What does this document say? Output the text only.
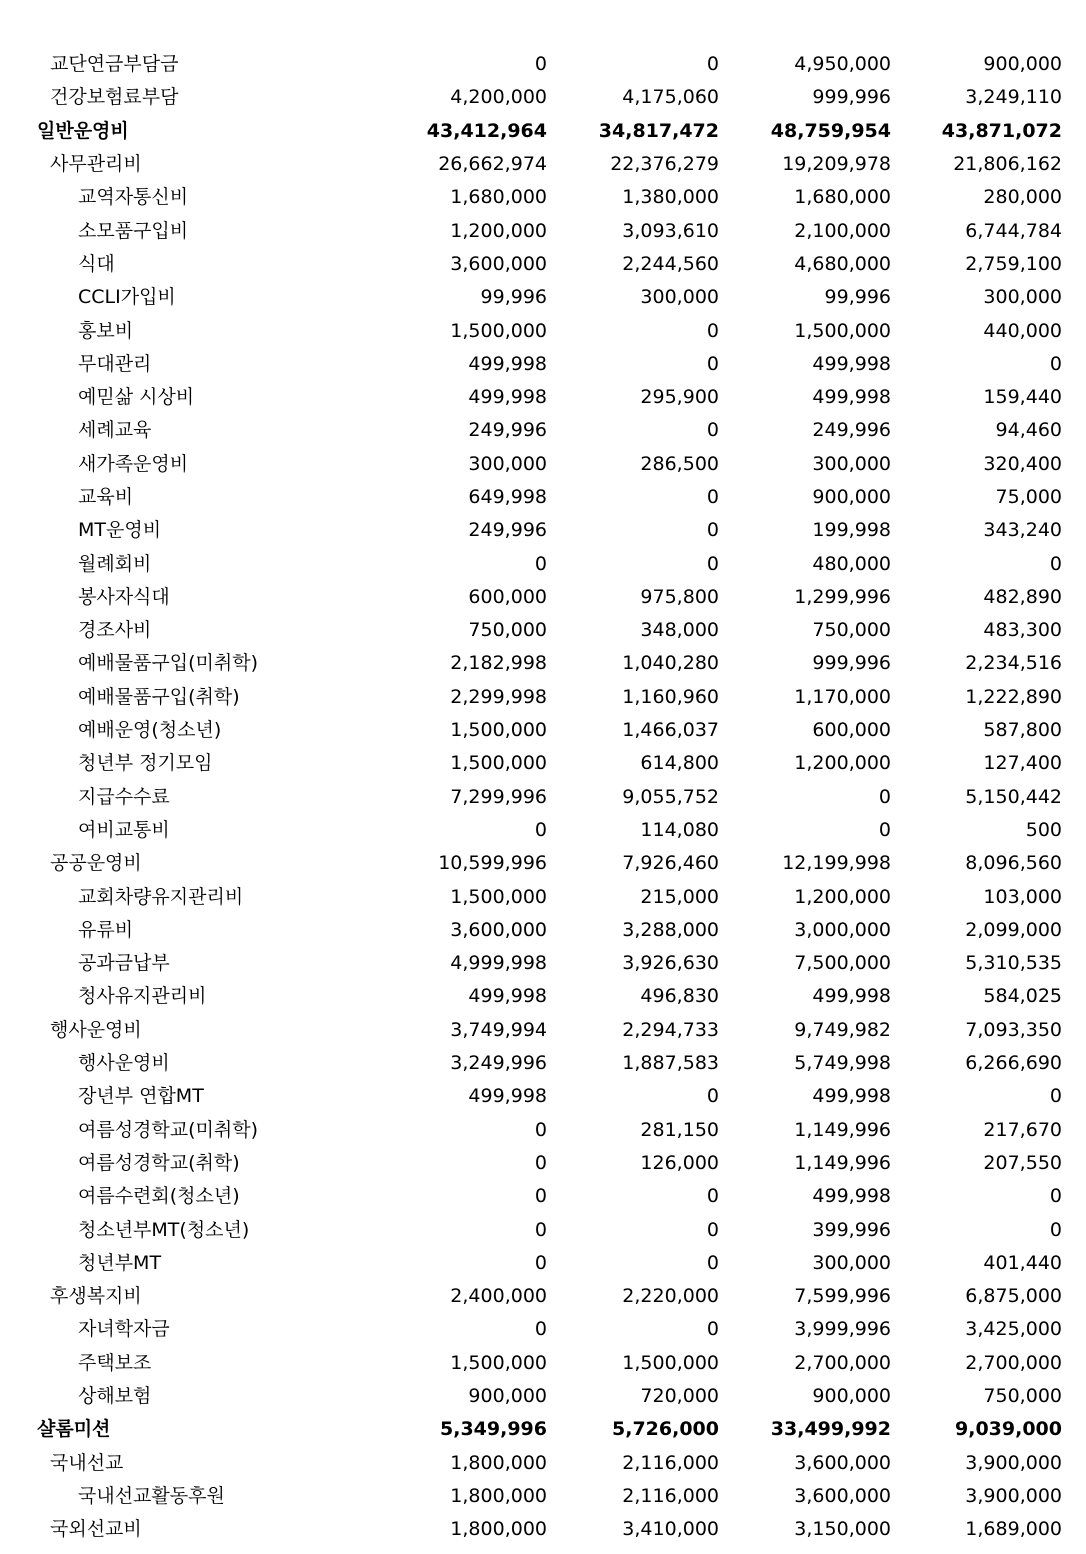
교단연금부담금	0	0	4,950,000	900,000
건강보험료부담	4,200,000	4,175,060	999,996	3,249,110
일반운영비	43,412,964	34,817,472	48,759,954	43,871,072
사무관리비	26,662,974	22,376,279	19,209,978	21,806,162
교역자통신비	1,680,000	1,380,000	1,680,000	280,000
소모품구입비	1,200,000	3,093,610	2,100,000	6,744,784
식대	3,600,000	2,244,560	4,680,000	2,759,100
CCLI가입비	99,996	300,000	99,996	300,000
홍보비	1,500,000	0	1,500,000	440,000
무대관리	499,998	0	499,998	0
예믿삶 시상비	499,998	295,900	499,998	159,440
세례교육	249,996	0	249,996	94,460
새가족운영비	300,000	286,500	300,000	320,400
교육비	649,998	0	900,000	75,000
MT운영비	249,996	0	199,998	343,240
월례회비	0	0	480,000	0
봉사자식대	600,000	975,800	1,299,996	482,890
경조사비	750,000	348,000	750,000	483,300
예배물품구입(미취학)	2,182,998	1,040,280	999,996	2,234,516
예배물품구입(취학)	2,299,998	1,160,960	1,170,000	1,222,890
예배운영(청소년)	1,500,000	1,466,037	600,000	587,800
청년부 정기모임	1,500,000	614,800	1,200,000	127,400
지급수수료	7,299,996	9,055,752	0	5,150,442
여비교통비	0	114,080	0	500
공공운영비	10,599,996	7,926,460	12,199,998	8,096,560
교회차량유지관리비	1,500,000	215,000	1,200,000	103,000
유류비	3,600,000	3,288,000	3,000,000	2,099,000
공과금납부	4,999,998	3,926,630	7,500,000	5,310,535
청사유지관리비	499,998	496,830	499,998	584,025
행사운영비	3,749,994	2,294,733	9,749,982	7,093,350
행사운영비	3,249,996	1,887,583	5,749,998	6,266,690
장년부 연합MT	499,998	0	499,998	0
여름성경학교(미취학)	0	281,150	1,149,996	217,670
여름성경학교(취학)	0	126,000	1,149,996	207,550
여름수련회(청소년)	0	0	499,998	0
청소년부MT(청소년)	0	0	399,996	0
청년부MT	0	0	300,000	401,440
후생복지비	2,400,000	2,220,000	7,599,996	6,875,000
자녀학자금	0	0	3,999,996	3,425,000
주택보조	1,500,000	1,500,000	2,700,000	2,700,000
상해보험	900,000	720,000	900,000	750,000
샬롬미션	5,349,996	5,726,000	33,499,992	9,039,000
국내선교	1,800,000	2,116,000	3,600,000	3,900,000
국내선교활동후원	1,800,000	2,116,000	3,600,000	3,900,000
국외선교비	1,800,000	3,410,000	3,150,000	1,689,000
